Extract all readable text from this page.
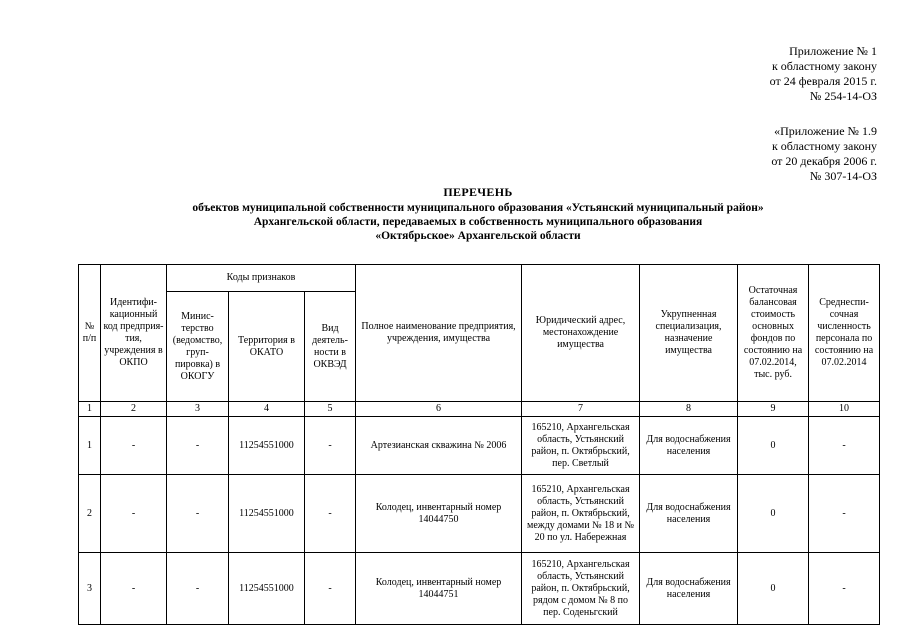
Приложение № 1
к областному закону
от 24 февраля 2015 г.
№ 254-14-ОЗ
«Приложение № 1.9
к областному закону
от 20 декабря 2006 г.
№ 307-14-ОЗ
ПЕРЕЧЕНЬ
объектов муниципальной собственности муниципального образования «Устьянский муниципальный район»
Архангельской области, передаваемых в собственность муниципального образования
«Октябрьское» Архангельской области
№ п/п	Идентифи-кационный код предприя-тия, учреждения в ОКПО	Коды признаков			Полное наименование предприятия, учреждения, имущества	Юридический адрес, местонахождение имущества	Укрупненная специализация, назначение имущества	Остаточная балансовая стоимость основных фондов по состоянию на 07.02.2014, тыс. руб.	Среднеспи-сочная численность персонала по состоянию на 07.02.2014
		Минис-терство (ведомство, груп-пировка) в ОКОГУ	Территория в ОКАТО	Вид деятель-ности в ОКВЭД					
1	2	3	4	5	6	7	8	9	10
1	-	-	11254551000	-	Артезианская скважина № 2006	165210, Архангельская область, Устьянский район, п. Октябрьский, пер. Светлый	Для водоснабжения населения	0	-
2	-	-	11254551000	-	Колодец, инвентарный номер 14044750	165210, Архангельская область, Устьянский район, п. Октябрьский, между домами № 18 и № 20 по ул. Набережная	Для водоснабжения населения	0	-
3	-	-	11254551000	-	Колодец, инвентарный номер 14044751	165210, Архангельская область, Устьянский район, п. Октябрьский, рядом с домом № 8 по пер. Соденьгский	Для водоснабжения населения	0	-
